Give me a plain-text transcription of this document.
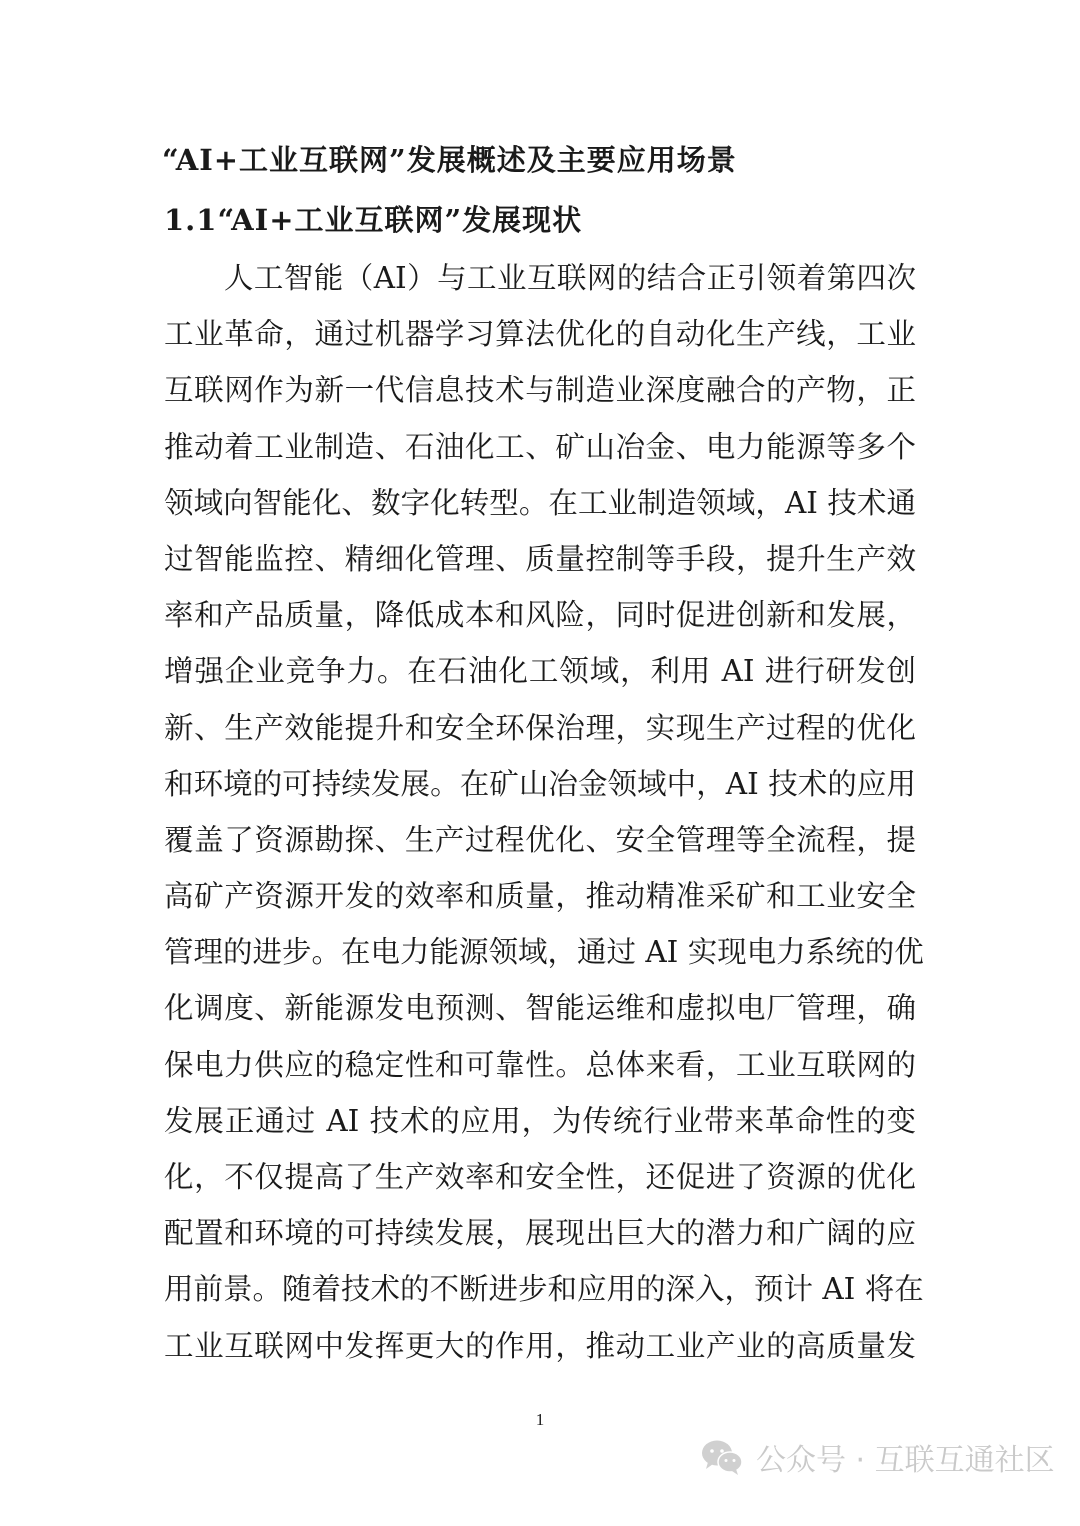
“AI+工业互联网”发展概述及主要应用场景
1.1“AI+工业互联网”发展现状
　　人工智能（AI）与工业互联网的结合正引领着第四次
工业革命，通过机器学习算法优化的自动化生产线，工业
互联网作为新一代信息技术与制造业深度融合的产物，正
推动着工业制造、石油化工、矿山冶金、电力能源等多个
领域向智能化、数字化转型。在工业制造领域，AI 技术通
过智能监控、精细化管理、质量控制等手段，提升生产效
率和产品质量，降低成本和风险，同时促进创新和发展，
增强企业竞争力。在石油化工领域，利用 AI 进行研发创
新、生产效能提升和安全环保治理，实现生产过程的优化
和环境的可持续发展。在矿山冶金领域中，AI 技术的应用
覆盖了资源勘探、生产过程优化、安全管理等全流程，提
高矿产资源开发的效率和质量，推动精准采矿和工业安全
管理的进步。在电力能源领域，通过 AI 实现电力系统的优
化调度、新能源发电预测、智能运维和虚拟电厂管理，确
保电力供应的稳定性和可靠性。总体来看，工业互联网的
发展正通过 AI 技术的应用，为传统行业带来革命性的变
化，不仅提高了生产效率和安全性，还促进了资源的优化
配置和环境的可持续发展，展现出巨大的潜力和广阔的应
用前景。随着技术的不断进步和应用的深入，预计 AI 将在
工业互联网中发挥更大的作用，推动工业产业的高质量发
1
公众号 · 互联互通社区
